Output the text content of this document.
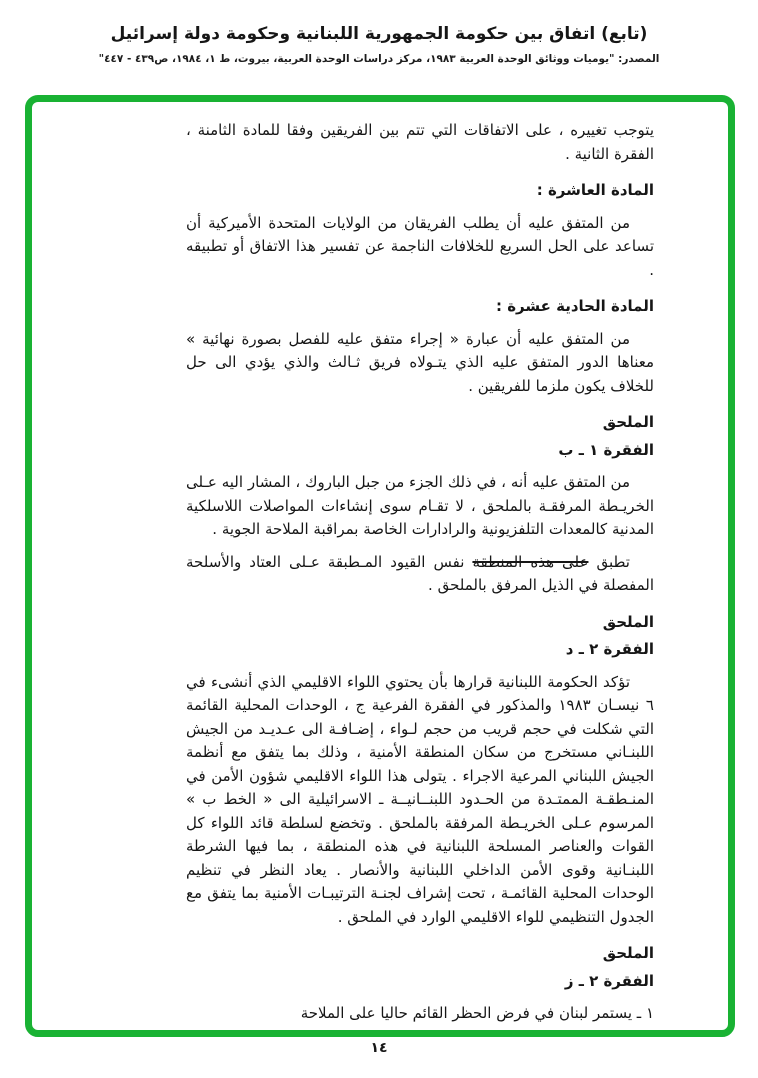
(تابع) اتفاق بين حكومة الجمهورية اللبنانية وحكومة دولة إسرائيل

المصدر: "يوميات ووثائق الوحدة العربية ١٩٨٣، مركز دراسات الوحدة العربية، بيروت، ط ١، ١٩٨٤، ص٤٣٩ - ٤٤٧"

يتوجب تغييره ، على الاتفاقات التي تتم بين الفريقين وفقا للمادة الثامنة ، الفقرة الثانية .

المادة العاشرة :

من المتفق عليه أن يطلب الفريقان من الولايات المتحدة الأميركية أن تساعد على الحل السريع للخلافات الناجمة عن تفسير هذا الاتفاق أو تطبيقه .

المادة الحادية عشرة :

من المتفق عليه أن عبارة « إجراء متفق عليه للفصل بصورة نهائية » معناها الدور المتفق عليه الذي يتـولاه فريق ثـالث والذي يؤدي الى حل للخلاف يكون ملزما للفريقين .

الملحق

الفقرة ١ ـ ب

من المتفق عليه أنه ، في ذلك الجزء من جبل الباروك ، المشار اليه عـلى الخريـطة المرفقـة بالملحق ، لا تقـام سوى إنشاءات المواصلات اللاسلكية المدنية كالمعدات التلفزيونية والرادارات الخاصة بمراقبة الملاحة الجوية .

تطبق على هذه المنطقة نفس القيود المـطبقة عـلى العتاد والأسلحة المفصلة في الذيل المرفق بالملحق .

الملحق

الفقرة ٢ ـ د

تؤكد الحكومة اللبنانية قرارها بأن يحتوي اللواء الاقليمي الذي أنشىء في ٦ نيسـان ١٩٨٣ والمذكور في الفقرة الفرعية ج ، الوحدات المحلية القائمة التي شكلت في حجم قريب من حجم لـواء ، إضـافـة الى عـديـد من الجيش اللبنـاني مستخرج من سكان المنطقة الأمنية ، وذلك بما يتفق مع أنظمة الجيش اللبناني المرعية الاجراء . يتولى هذا اللواء الاقليمي شؤون الأمن في المنـطقـة الممتـدة من الحـدود اللبنــانيــة ـ الاسرائيلية الى « الخط ب » المرسوم عـلى الخريـطة المرفقة بالملحق . وتخضع لسلطة قائد اللواء كل القوات والعناصر المسلحة اللبنانية في هذه المنطقة ، بما فيها الشرطة اللبنـانية وقوى الأمن الداخلي اللبنانية والأنصار . يعاد النظر في تنظيم الوحدات المحلية القائمـة ، تحت إشراف لجنـة الترتيبـات الأمنية بما يتفق مع الجدول التنظيمي للواء الاقليمي الوارد في الملحق .

الملحق

الفقرة ٢ ـ ز

١ ـ يستمر لبنان في فرض الحظر القائم حاليا على الملاحة

١٤
